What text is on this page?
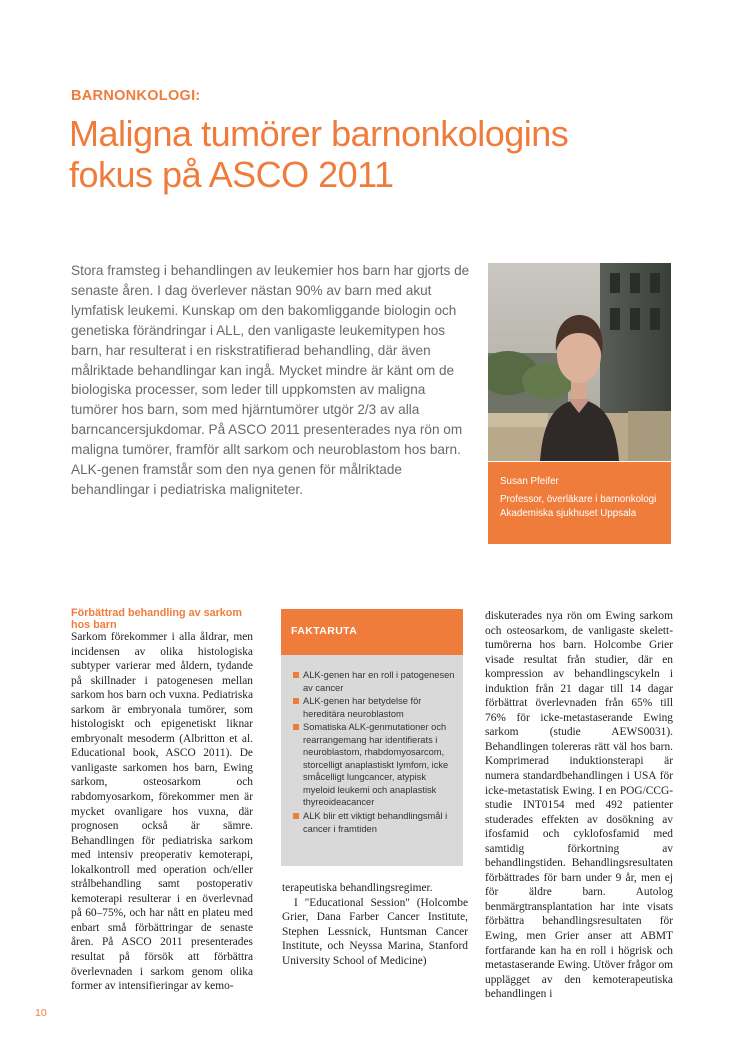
BARNONKOLOGI:
Maligna tumörer barnonkologins fokus på ASCO 2011

Stora framsteg i behandlingen av leukemier hos barn har gjorts de senaste åren. I dag överlever nästan 90% av barn med akut lymfatisk leukemi. Kunskap om den bakomliggande biologin och genetiska förändringar i ALL, den vanligaste leukemitypen hos barn, har resulterat i en riskstratifierad behandling, där även målriktade behandlingar kan ingå. Mycket mindre är känt om de biologiska processer, som leder till uppkomsten av maligna tumörer hos barn, som med hjärntumörer utgör 2/3 av alla barncancersjukdomar. På ASCO 2011 presenterades nya rön om maligna tumörer, framför allt sarkom och neuroblastom hos barn. ALK-genen framstår som den nya genen för målriktade behandlingar i pediatriska maligniteter.

Susan Pfeifer
Professor, överläkare i barnonkologi Akademiska sjukhuset Uppsala
Förbättrad behandling av sarkom hos barn

Sarkom förekommer i alla åldrar, men incidensen av olika histologiska subtyper varierar med åldern, tydande på skillnader i patogenesen mellan sarkom hos barn och vuxna. Pediatriska sarkom är embryonala tumörer, som histologiskt och epigenetiskt liknar embryonalt mesoderm (Albritton et al. Educational book, ASCO 2011). De vanligaste sarkomen hos barn, Ewing sarkom, osteosarkom och rabdomyosarkom, förekommer men är mycket ovanligare hos vuxna, där prognosen också är sämre. Behandlingen för pediatriska sarkom med intensiv preoperativ kemoterapi, lokalkontroll med operation och/eller strålbehandling samt postoperativ kemoterapi resulterar i en överlevnad på 60–75%, och har nått en plateu med enbart små förbättringar de senaste åren. På ASCO 2011 presenterades resultat på försök att förbättra överlevnaden i sarkom genom olika former av intensifieringar av kemo-

FAKTARUTA
ALK-genen har en roll i patogenesen av cancer
ALK-genen har betydelse för hereditära neuroblastom
Somatiska ALK-genmutationer och rearrangemang har identifierats i neuroblastom, rhabdomyosarcom, storcelligt anaplastiskt lymfom, icke småcelligt lungcancer, atypisk myeloid leukemi och anaplastisk thyreoideacancer
ALK blir ett viktigt behandlingsmål i cancer i framtiden

terapeutiska behandlingsregimer.

I "Educational Session" (Holcombe Grier, Dana Farber Cancer Institute, Stephen Lessnick, Huntsman Cancer Institute, och Neyssa Marina, Stanford University School of Medicine)

diskuterades nya rön om Ewing sarkom och osteosarkom, de vanligaste skelett-tumörerna hos barn. Holcombe Grier visade resultat från studier, där en kompression av behandlingscykeln i induktion från 21 dagar till 14 dagar förbättrat överlevnaden från 65% till 76% för icke-metastaserande Ewing sarkom (studie AEWS0031). Behandlingen tolereras rätt väl hos barn. Komprimerad induktionsterapi är numera standardbehandlingen i USA för icke-metastatisk Ewing. I en POG/CCG-studie INT0154 med 492 patienter studerades effekten av dosökning av ifosfamid och cyklofosfamid med samtidig förkortning av behandlingstiden. Behandlingsresultaten förbättrades för barn under 9 år, men ej för äldre barn. Autolog benmärgtransplantation har inte visats förbättra behandlingsresultaten för Ewing, men Grier anser att ABMT fortfarande kan ha en roll i högrisk och metastaserande Ewing. Utöver frågor om upplägget av den kemoterapeutiska behandlingen i

10
